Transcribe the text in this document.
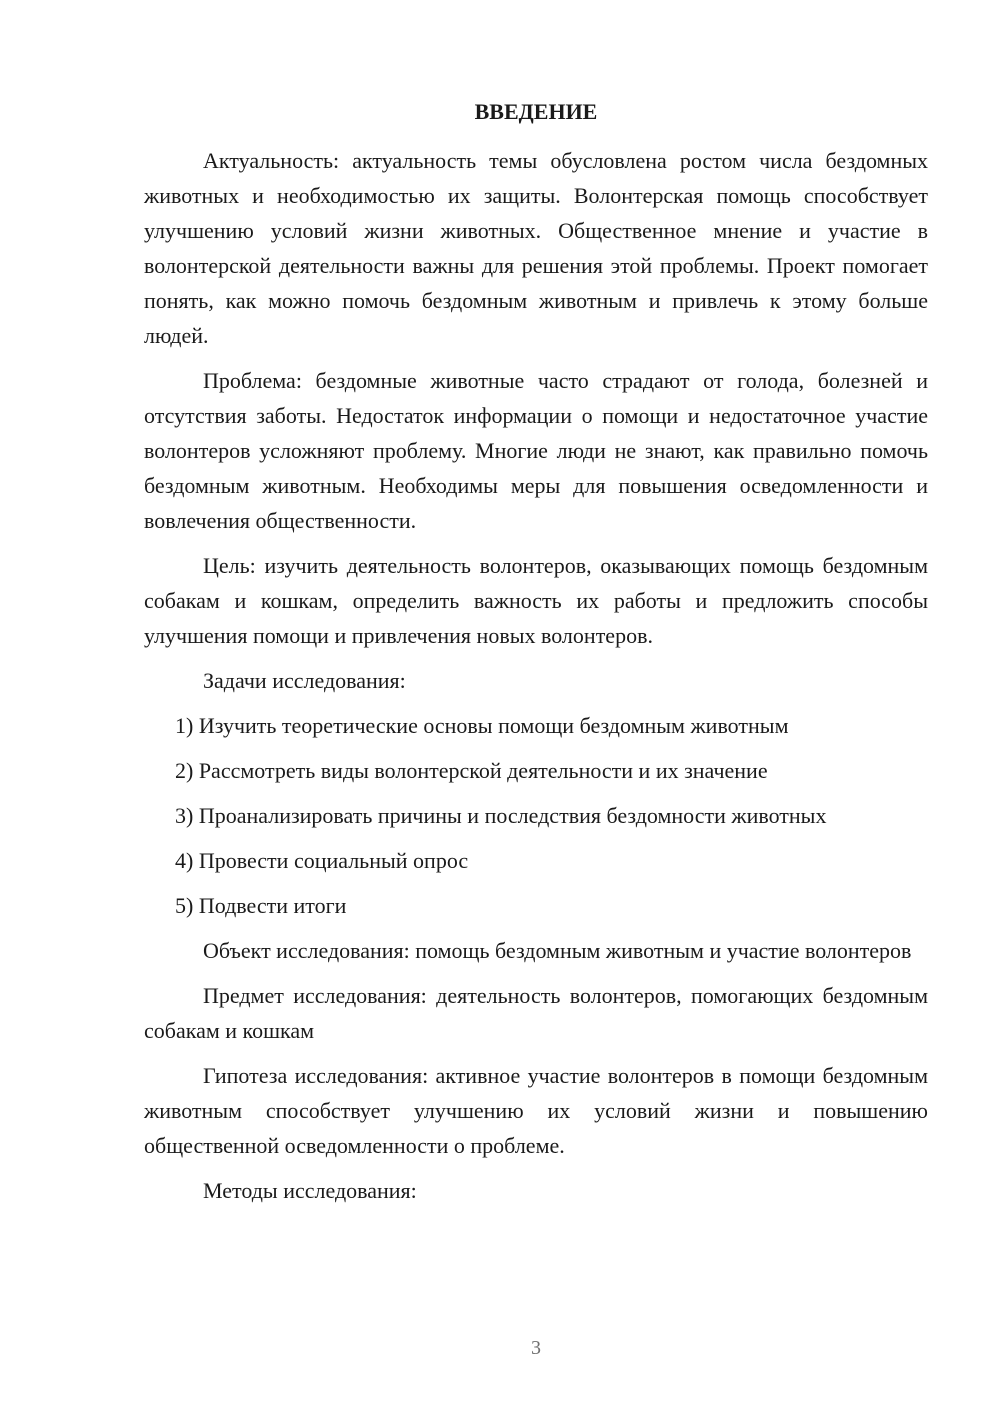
ВВЕДЕНИЕ

Актуальность: актуальность темы обусловлена ростом числа бездомных животных и необходимостью их защиты. Волонтерская помощь способствует улучшению условий жизни животных. Общественное мнение и участие в волонтерской деятельности важны для решения этой проблемы. Проект помогает понять, как можно помочь бездомным животным и привлечь к этому больше людей.

Проблема: бездомные животные часто страдают от голода, болезней и отсутствия заботы. Недостаток информации о помощи и недостаточное участие волонтеров усложняют проблему. Многие люди не знают, как правильно помочь бездомным животным. Необходимы меры для повышения осведомленности и вовлечения общественности.

Цель: изучить деятельность волонтеров, оказывающих помощь бездомным собакам и кошкам, определить важность их работы и предложить способы улучшения помощи и привлечения новых волонтеров.

Задачи исследования:

1) Изучить теоретические основы помощи бездомным животным
2) Рассмотреть виды волонтерской деятельности и их значение
3) Проанализировать причины и последствия бездомности животных
4) Провести социальный опрос
5) Подвести итоги

Объект исследования: помощь бездомным животным и участие волонтеров

Предмет исследования: деятельность волонтеров, помогающих бездомным собакам и кошкам

Гипотеза исследования: активное участие волонтеров в помощи бездомным животным способствует улучшению их условий жизни и повышению общественной осведомленности о проблеме.

Методы исследования:

3
